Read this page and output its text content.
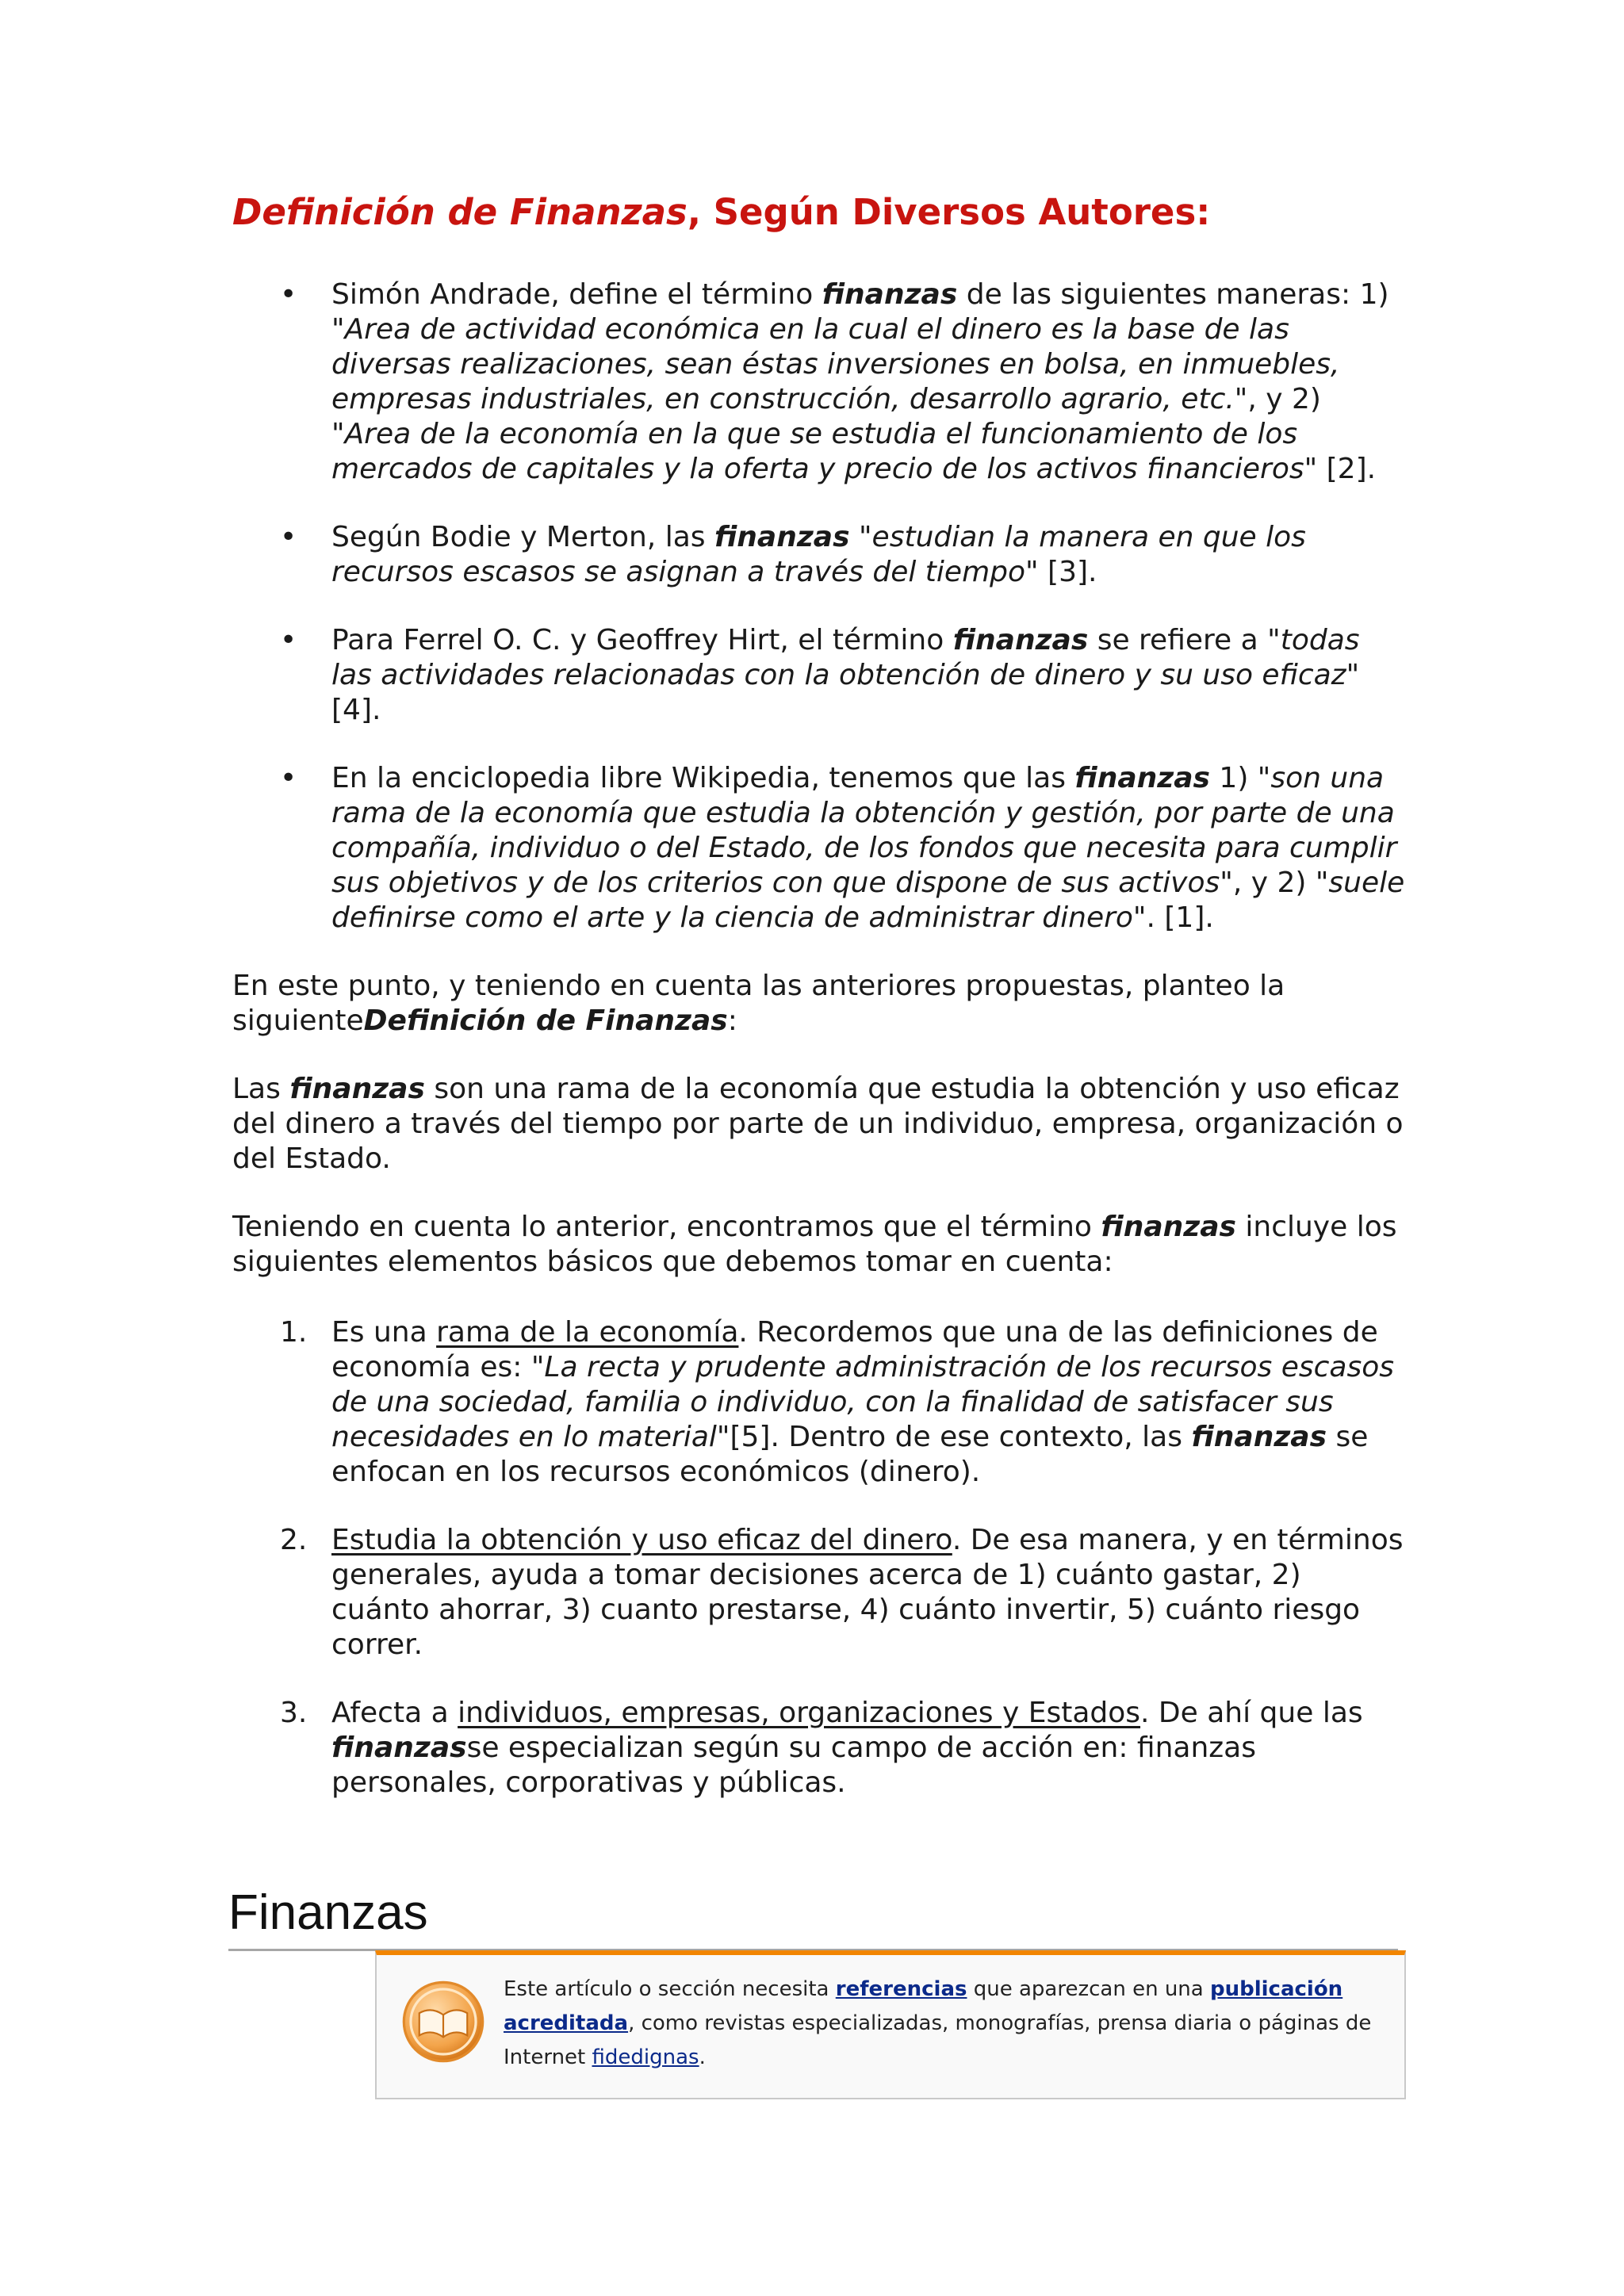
Definición de Finanzas, Según Diversos Autores:
• Simón Andrade, define el término finanzas de las siguientes maneras: 1) "Area de actividad económica en la cual el dinero es la base de las diversas realizaciones, sean éstas inversiones en bolsa, en inmuebles, empresas industriales, en construcción, desarrollo agrario, etc.", y 2) "Area de la economía en la que se estudia el funcionamiento de los mercados de capitales y la oferta y precio de los activos financieros" [2].
• Según Bodie y Merton, las finanzas "estudian la manera en que los recursos escasos se asignan a través del tiempo" [3].
• Para Ferrel O. C. y Geoffrey Hirt, el término finanzas se refiere a "todas las actividades relacionadas con la obtención de dinero y su uso eficaz" [4].
• En la enciclopedia libre Wikipedia, tenemos que las finanzas 1) "son una rama de la economía que estudia la obtención y gestión, por parte de una compañía, individuo o del Estado, de los fondos que necesita para cumplir sus objetivos y de los criterios con que dispone de sus activos", y 2) "suele definirse como el arte y la ciencia de administrar dinero". [1].

En este punto, y teniendo en cuenta las anteriores propuestas, planteo la siguienteDefinición de Finanzas:

Las finanzas son una rama de la economía que estudia la obtención y uso eficaz del dinero a través del tiempo por parte de un individuo, empresa, organización o del Estado.

Teniendo en cuenta lo anterior, encontramos que el término finanzas incluye los siguientes elementos básicos que debemos tomar en cuenta:

1. Es una rama de la economía. Recordemos que una de las definiciones de economía es: "La recta y prudente administración de los recursos escasos de una sociedad, familia o individuo, con la finalidad de satisfacer sus necesidades en lo material"[5]. Dentro de ese contexto, las finanzas se enfocan en los recursos económicos (dinero).
2. Estudia la obtención y uso eficaz del dinero. De esa manera, y en términos generales, ayuda a tomar decisiones acerca de 1) cuánto gastar, 2) cuánto ahorrar, 3) cuanto prestarse, 4) cuánto invertir, 5) cuánto riesgo correr.
3. Afecta a individuos, empresas, organizaciones y Estados. De ahí que las finanzasse especializan según su campo de acción en: finanzas personales, corporativas y públicas.
Finanzas
Este artículo o sección necesita referencias que aparezcan en una publicación acreditada, como revistas especializadas, monografías, prensa diaria o páginas de Internet fidedignas.
